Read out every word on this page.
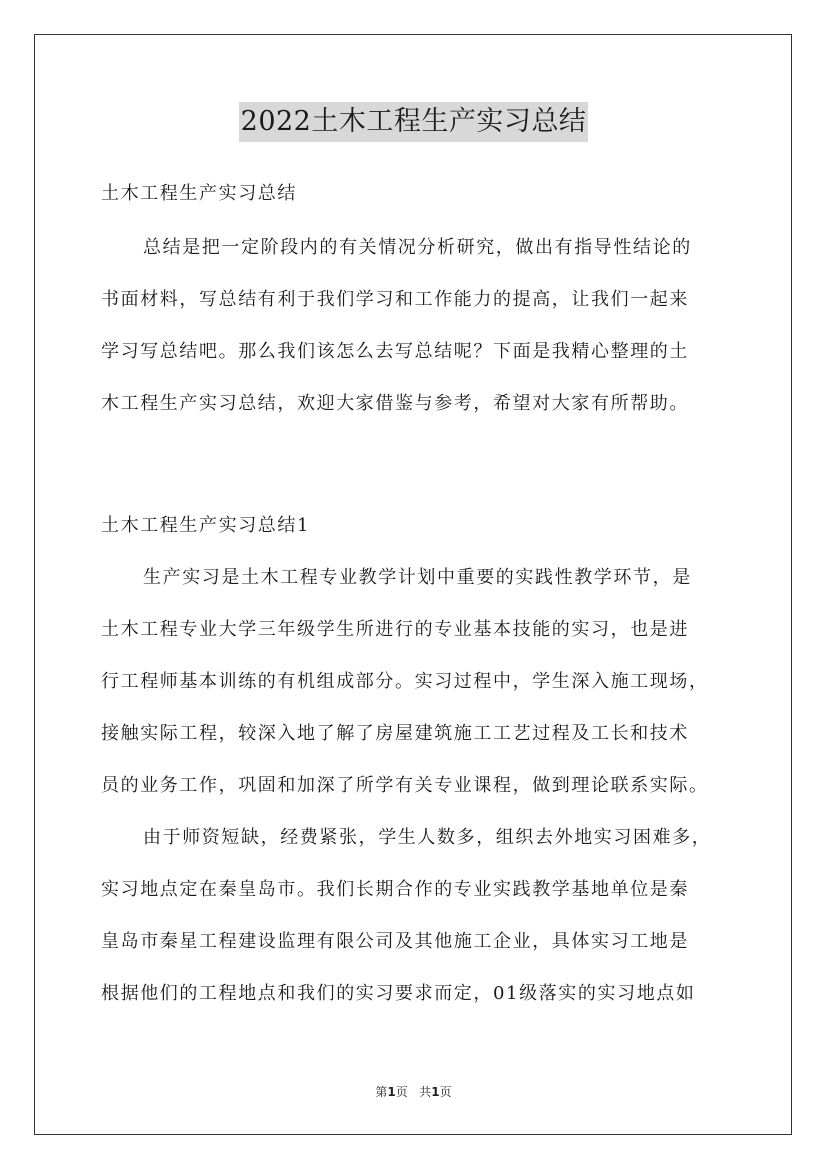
2022土木工程生产实习总结
土木工程生产实习总结
总结是把一定阶段内的有关情况分析研究，做出有指导性结论的
书面材料，写总结有利于我们学习和工作能力的提高，让我们一起来
学习写总结吧。那么我们该怎么去写总结呢？下面是我精心整理的土
木工程生产实习总结，欢迎大家借鉴与参考，希望对大家有所帮助。
土木工程生产实习总结1
生产实习是土木工程专业教学计划中重要的实践性教学环节，是
土木工程专业大学三年级学生所进行的专业基本技能的实习，也是进
行工程师基本训练的有机组成部分。实习过程中，学生深入施工现场，
接触实际工程，较深入地了解了房屋建筑施工工艺过程及工长和技术
员的业务工作，巩固和加深了所学有关专业课程，做到理论联系实际。
由于师资短缺，经费紧张，学生人数多，组织去外地实习困难多，
实习地点定在秦皇岛市。我们长期合作的专业实践教学基地单位是秦
皇岛市秦星工程建设监理有限公司及其他施工企业，具体实习工地是
根据他们的工程地点和我们的实习要求而定，01级落实的实习地点如
第1页 共1页
